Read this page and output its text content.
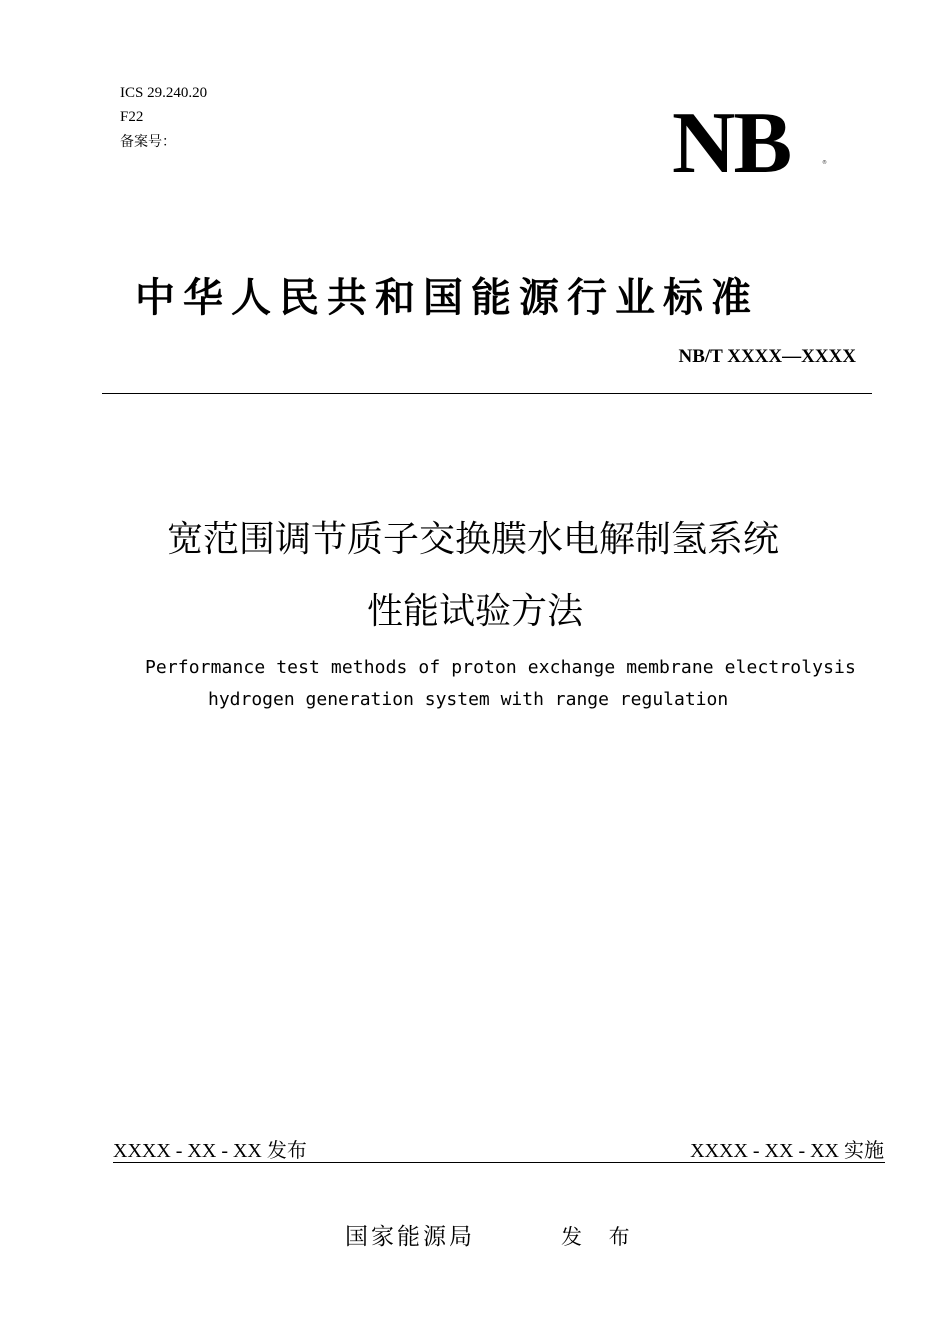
ICS 29.240.20
F22
备案号：	NB	®
中华人民共和国能源行业标准
NB/T XXXX—XXXX
宽范围调节质子交换膜水电解制氢系统
性能试验方法
Performance test methods of proton exchange membrane electrolysis
hydrogen generation system with range regulation
XXXX - XX - XX 发布	XXXX - XX - XX 实施
国家能源局	发 布
